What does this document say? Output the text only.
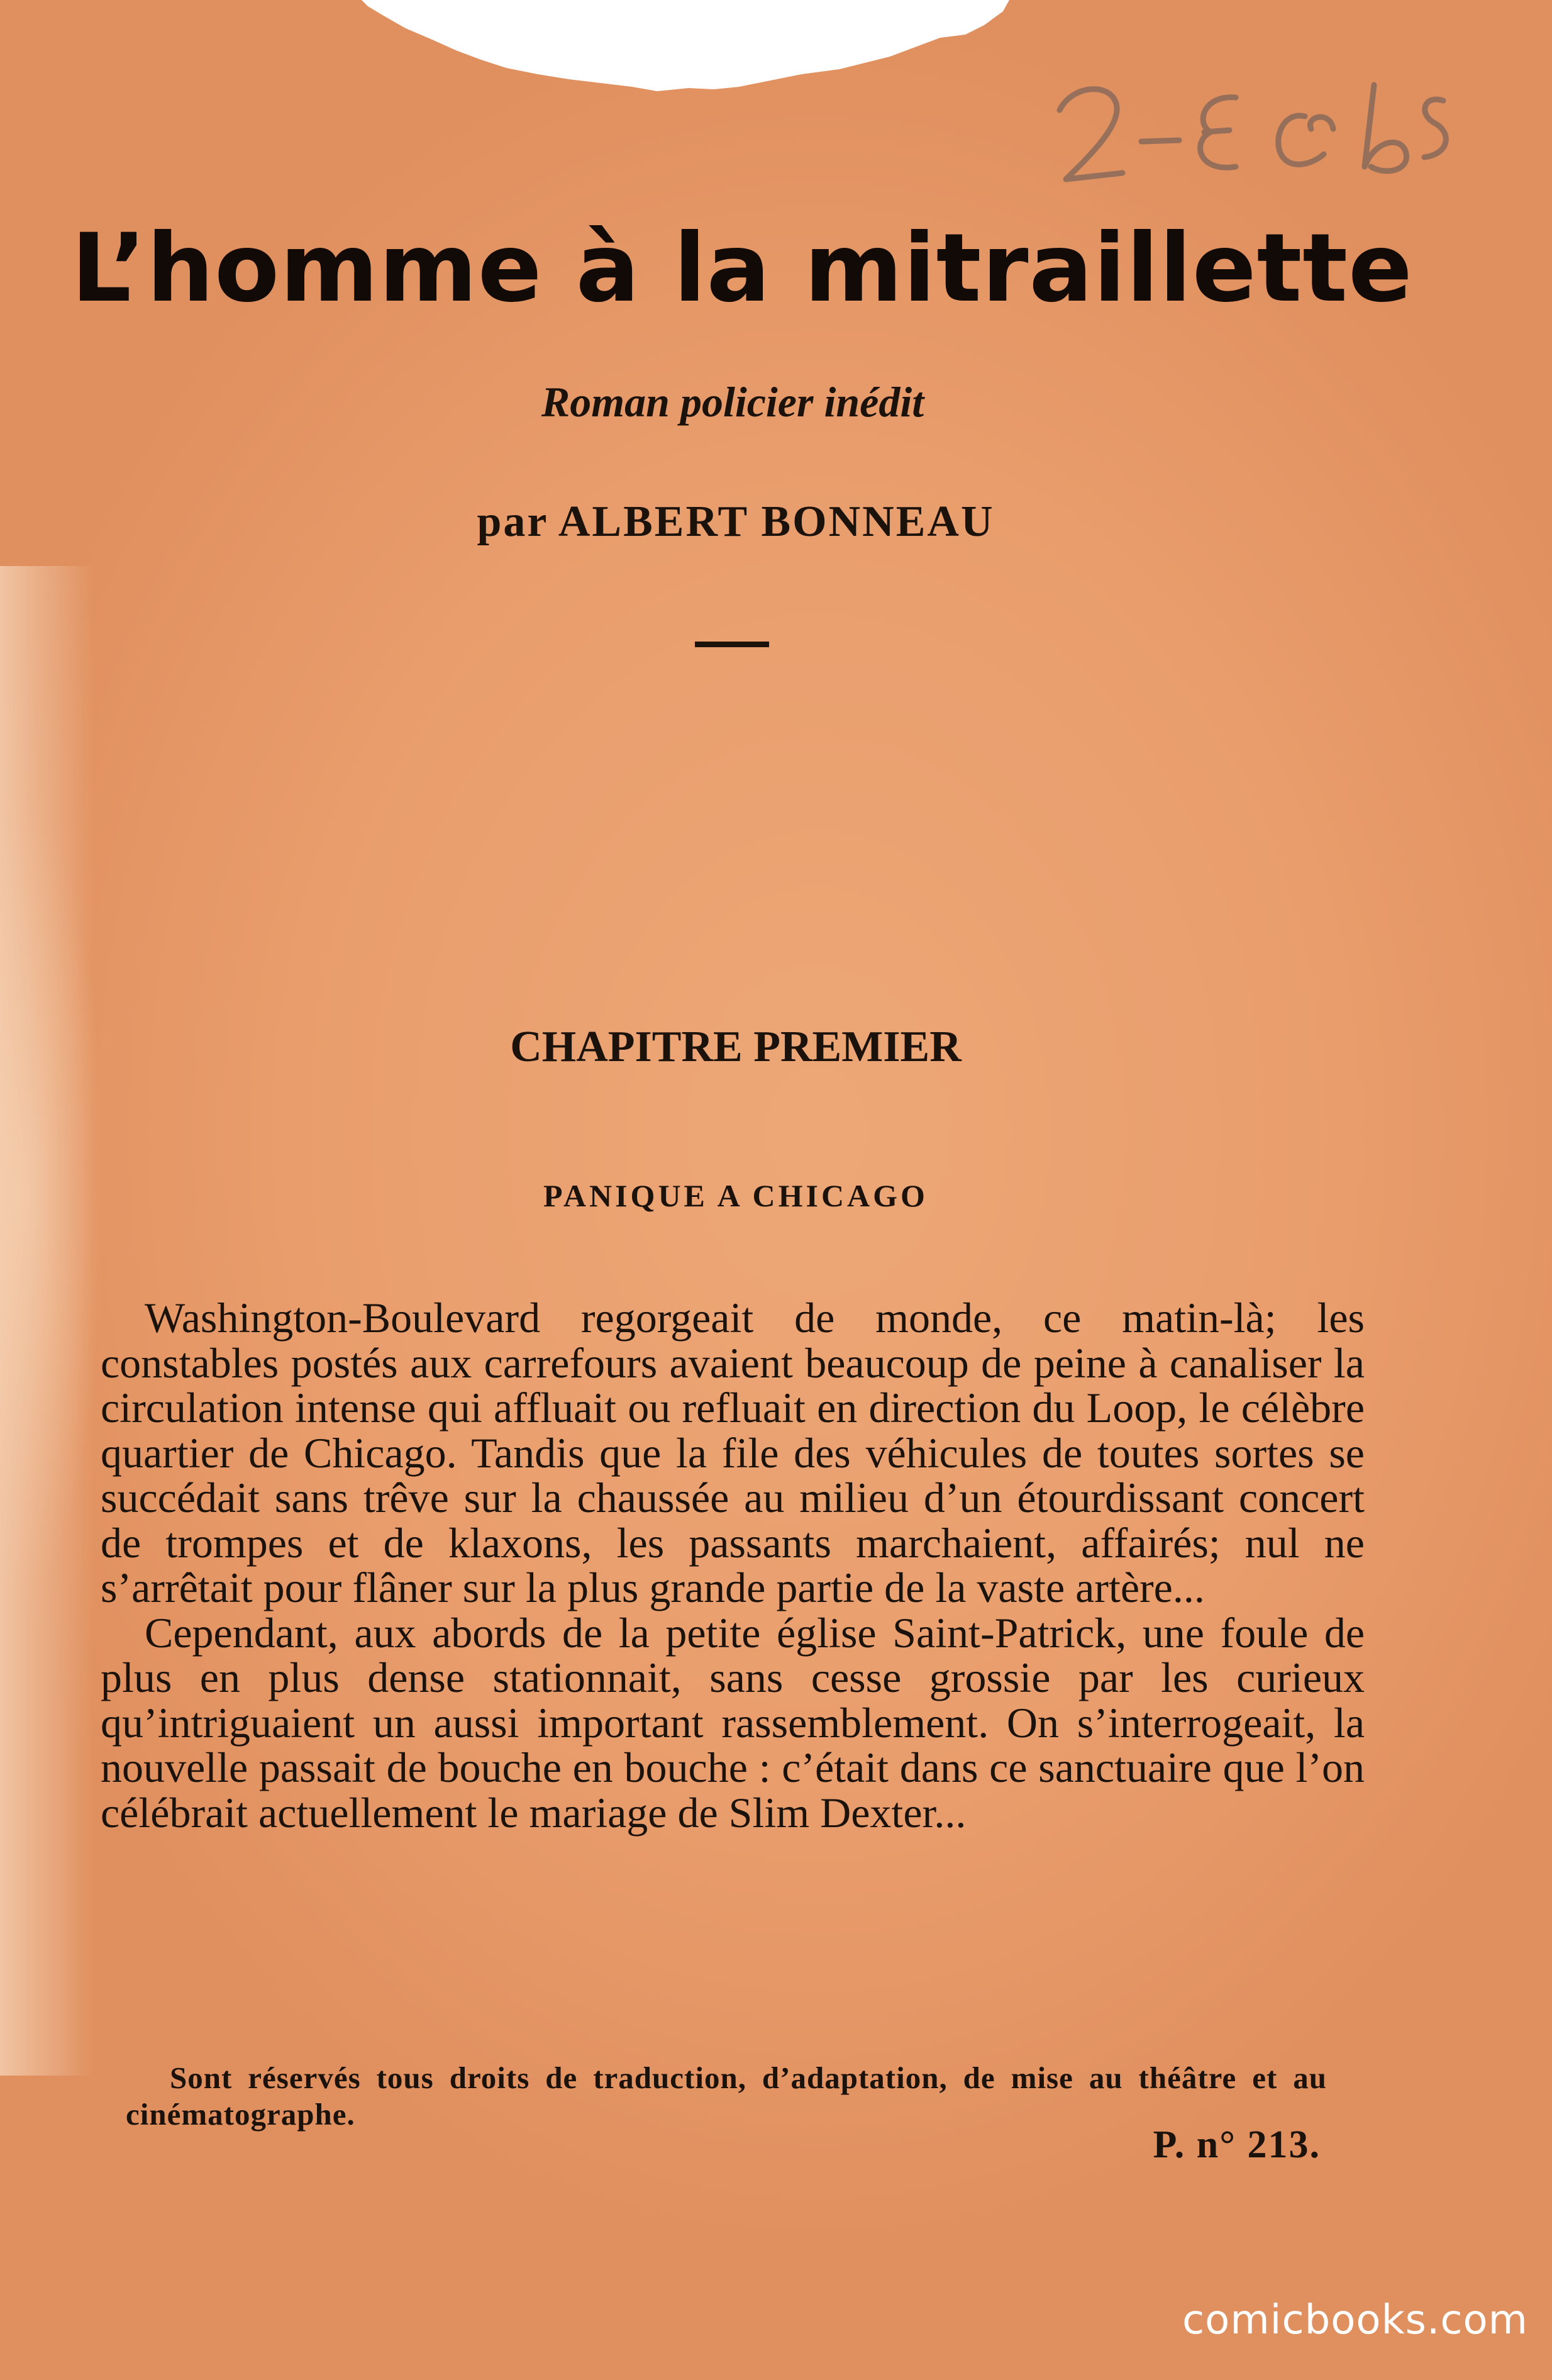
L’homme à la mitraillette
Roman policier inédit
par ALBERT BONNEAU
CHAPITRE PREMIER
PANIQUE A CHICAGO

Washington-Boulevard regorgeait de monde, ce matin-là; les constables postés aux carrefours avaient beaucoup de peine à canaliser la circulation intense qui affluait ou refluait en direction du Loop, le célèbre quartier de Chicago. Tandis que la file des véhicules de toutes sortes se succédait sans trêve sur la chaussée au milieu d’un étourdissant concert de trompes et de klaxons, les passants marchaient, affairés; nul ne s’arrêtait pour flâner sur la plus grande partie de la vaste artère...

Cependant, aux abords de la petite église Saint-Patrick, une foule de plus en plus dense stationnait, sans cesse grossie par les curieux qu’intriguaient un aussi important rassemblement. On s’interrogeait, la nouvelle passait de bouche en bouche : c’était dans ce sanctuaire que l’on célébrait actuellement le mariage de Slim Dexter...

Sont réservés tous droits de traduction, d’adaptation, de mise au théâtre et au cinématographe.
P. n° 213.
comicbooks.com
